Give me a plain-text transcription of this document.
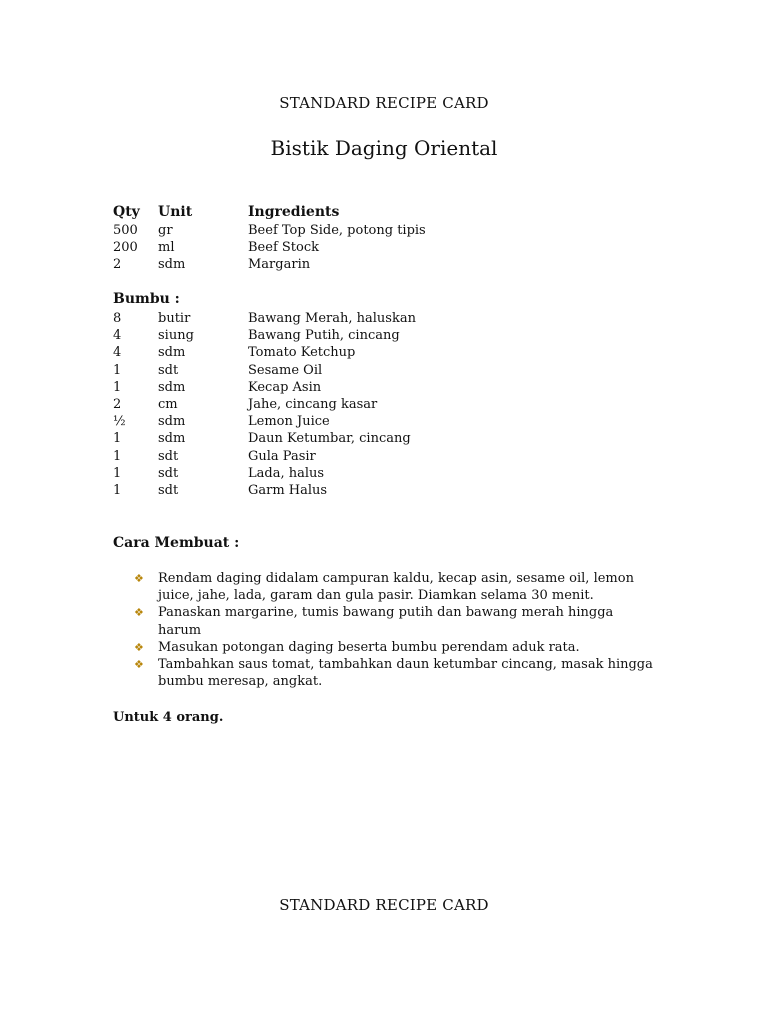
STANDARD RECIPE CARD
Bistik Daging Oriental
Qty	Unit	Ingredients
500	gr	Beef Top Side, potong tipis
200	ml	Beef Stock
2	sdm	Margarin
Bumbu :
8	butir	Bawang Merah, haluskan
4	siung	Bawang Putih, cincang
4	sdm	Tomato Ketchup
1	sdt	Sesame Oil
1	sdm	Kecap Asin
2	cm	Jahe, cincang kasar
½	sdm	Lemon Juice
1	sdm	Daun Ketumbar, cincang
1	sdt	Gula Pasir
1	sdt	Lada, halus
1	sdt	Garm Halus
Cara Membuat :
❖	Rendam daging didalam campuran kaldu, kecap asin, sesame oil, lemon juice, jahe, lada, garam dan gula pasir. Diamkan selama 30 menit.
❖	Panaskan margarine, tumis bawang putih dan bawang merah hingga harum
❖	Masukan potongan daging beserta bumbu perendam aduk rata.
❖	Tambahkan saus tomat, tambahkan daun ketumbar cincang, masak hingga bumbu meresap, angkat.
Untuk 4 orang.
STANDARD RECIPE CARD
